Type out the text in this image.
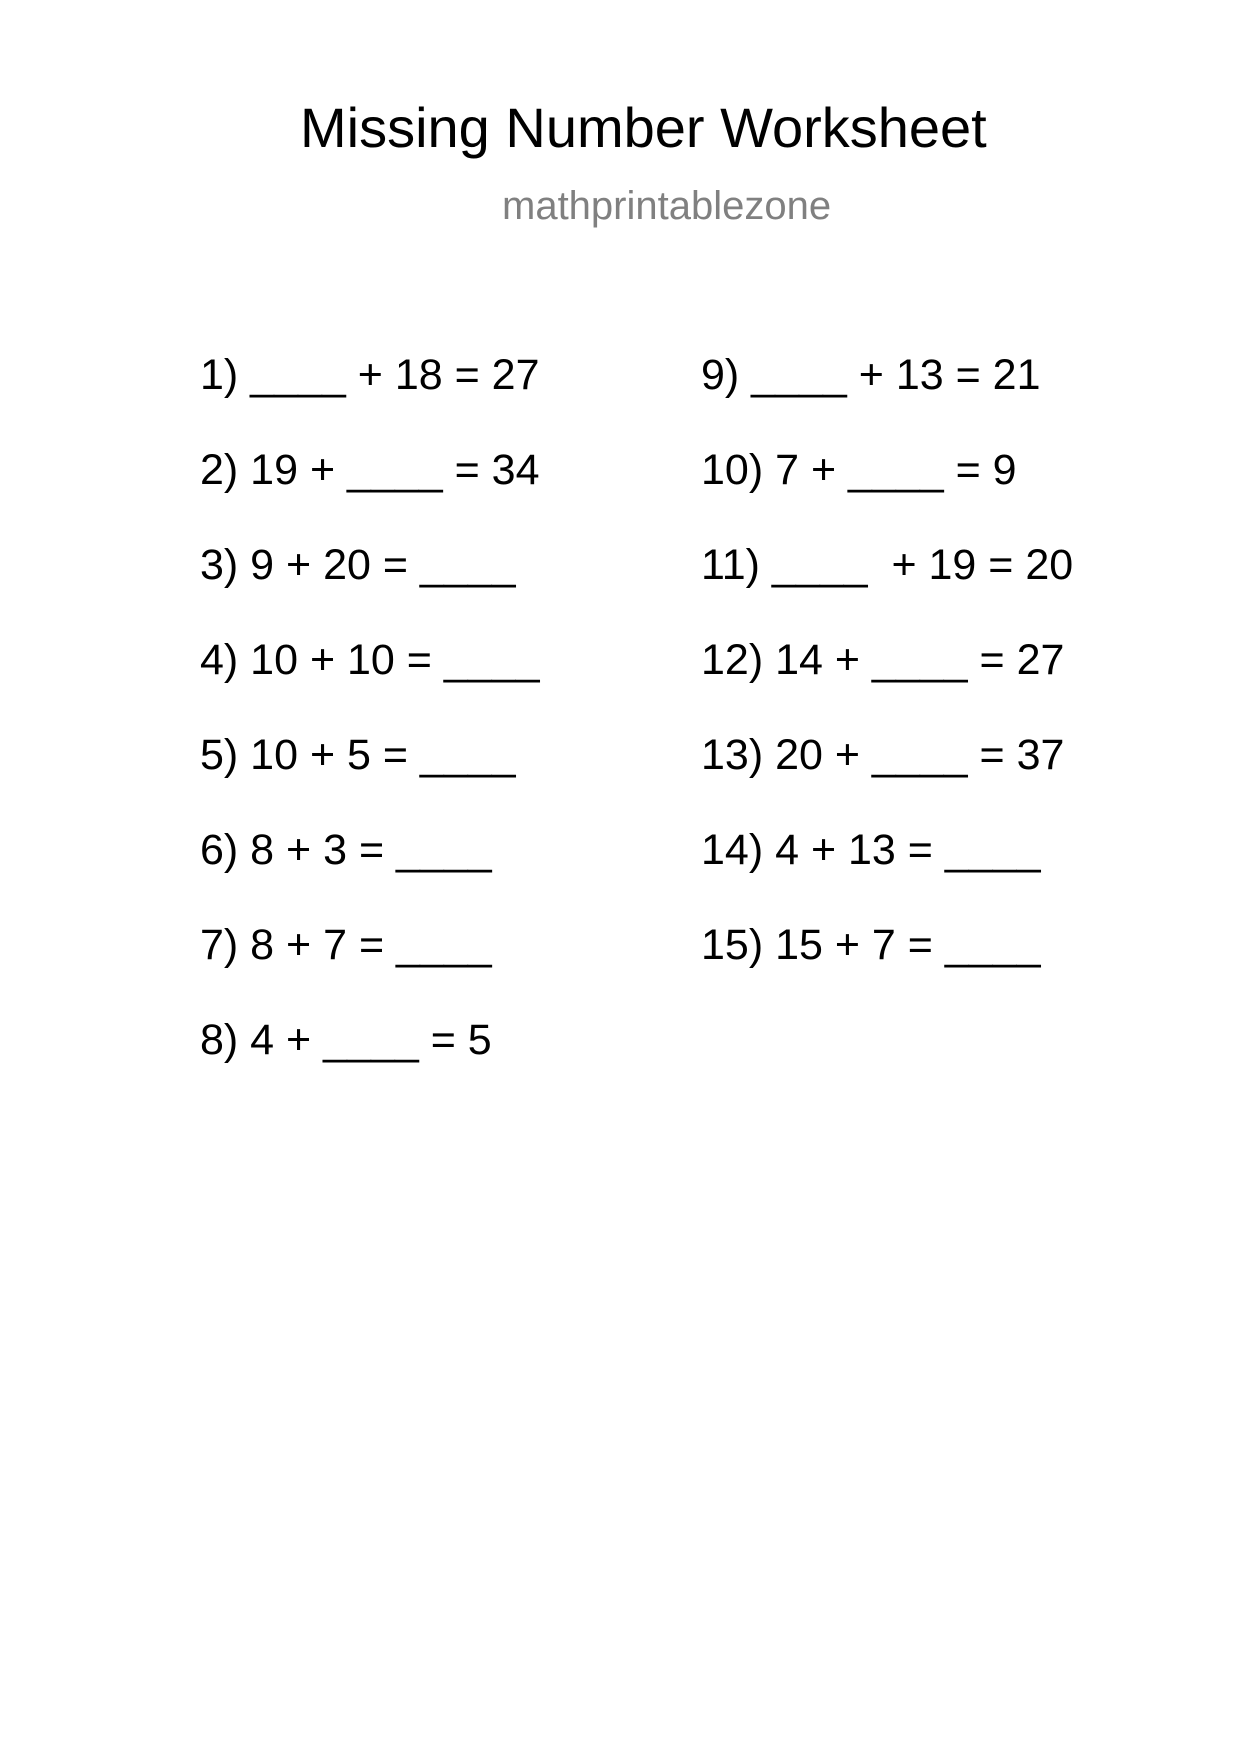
Missing Number Worksheet
mathprintablezone
1) ____ + 18 = 27
2) 19 + ____ = 34
3) 9 + 20 = ____
4) 10 + 10 = ____
5) 10 + 5 = ____
6) 8 + 3 = ____
7) 8 + 7 = ____
8) 4 + ____ = 5
9) ____ + 13 = 21
10) 7 + ____ = 9
11) ____  + 19 = 20
12) 14 + ____ = 27
13) 20 + ____ = 37
14) 4 + 13 = ____
15) 15 + 7 = ____
